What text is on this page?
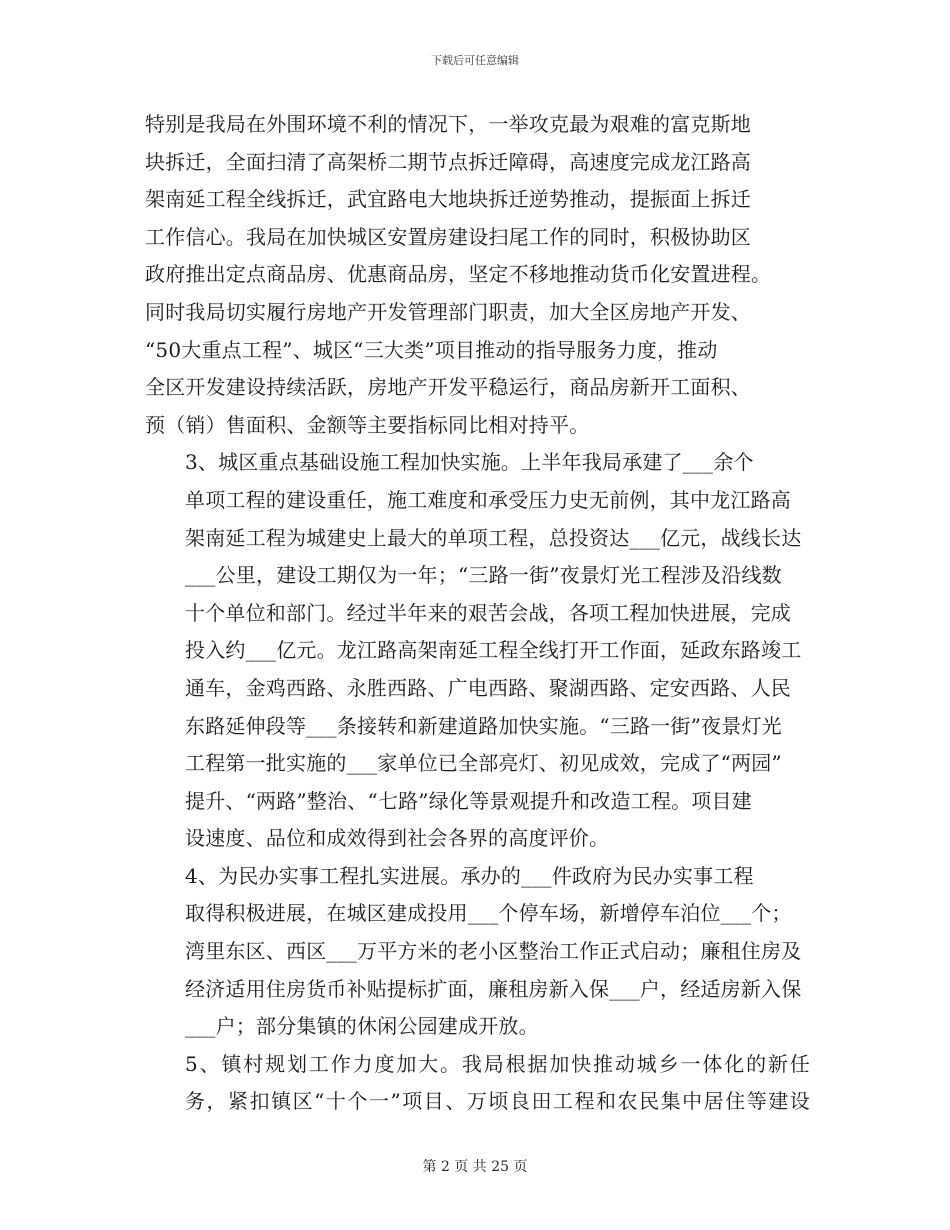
下载后可任意编辑

特别是我局在外围环境不利的情况下，一举攻克最为艰难的富克斯地
块拆迁，全面扫清了高架桥二期节点拆迁障碍，高速度完成龙江路高
架南延工程全线拆迁，武宜路电大地块拆迁逆势推动，提振面上拆迁
工作信心。我局在加快城区安置房建设扫尾工作的同时，积极协助区
政府推出定点商品房、优惠商品房，坚定不移地推动货币化安置进程。
同时我局切实履行房地产开发管理部门职责，加大全区房地产开发、
“50大重点工程”、城区“三大类”项目推动的指导服务力度，推动
全区开发建设持续活跃，房地产开发平稳运行，商品房新开工面积、
预（销）售面积、金额等主要指标同比相对持平。

3、城区重点基础设施工程加快实施。上半年我局承建了___余个
单项工程的建设重任，施工难度和承受压力史无前例，其中龙江路高
架南延工程为城建史上最大的单项工程，总投资达___亿元，战线长达
___公里，建设工期仅为一年；“三路一街”夜景灯光工程涉及沿线数
十个单位和部门。经过半年来的艰苦会战，各项工程加快进展，完成
投入约___亿元。龙江路高架南延工程全线打开工作面，延政东路竣工
通车，金鸡西路、永胜西路、广电西路、聚湖西路、定安西路、人民
东路延伸段等___条接转和新建道路加快实施。“三路一街”夜景灯光
工程第一批实施的___家单位已全部亮灯、初见成效，完成了“两园”
提升、“两路”整治、“七路”绿化等景观提升和改造工程。项目建
设速度、品位和成效得到社会各界的高度评价。

4、为民办实事工程扎实进展。承办的___件政府为民办实事工程
取得积极进展，在城区建成投用___个停车场，新增停车泊位___个；
湾里东区、西区___万平方米的老小区整治工作正式启动；廉租住房及
经济适用住房货币补贴提标扩面，廉租房新入保___户，经适房新入保
___户；部分集镇的休闲公园建成开放。

5、镇村规划工作力度加大。我局根据加快推动城乡一体化的新任
务，紧扣镇区“十个一”项目、万顷良田工程和农民集中居住等建设

第 2 页 共 25 页
